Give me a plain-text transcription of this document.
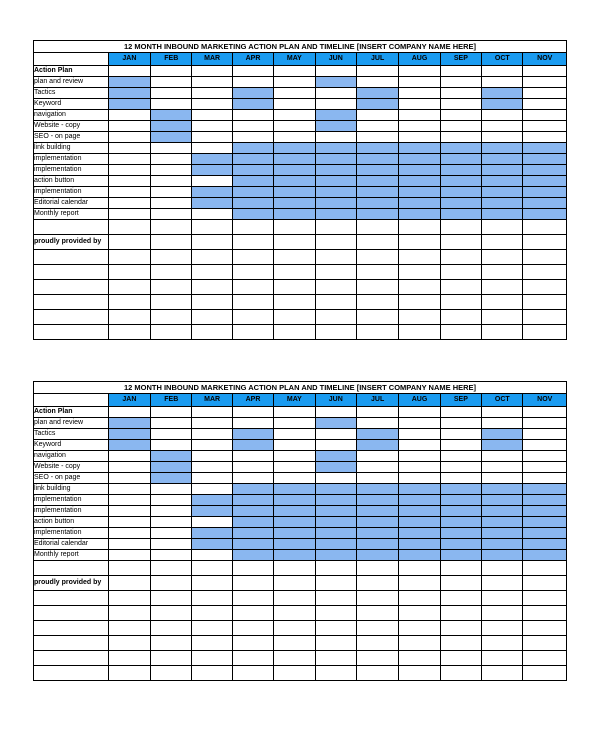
12 MONTH INBOUND MARKETING ACTION PLAN AND TIMELINE [INSERT COMPANY NAME HERE]											
	JAN	FEB	MAR	APR	MAY	JUN	JUL	AUG	SEP	OCT	NOV
Action Plan											
plan and review											
Tactics											
Keyword											
navigation											
Website - copy											
SEO - on page											
link building											
implementation											
implementation											
action button											
implementation											
Editorial calendar											
Monthly report											

proudly provided by											

12 MONTH INBOUND MARKETING ACTION PLAN AND TIMELINE [INSERT COMPANY NAME HERE]											
	JAN	FEB	MAR	APR	MAY	JUN	JUL	AUG	SEP	OCT	NOV
Action Plan											
plan and review											
Tactics											
Keyword											
navigation											
Website - copy											
SEO - on page											
link building											
implementation											
implementation											
action button											
implementation											
Editorial calendar											
Monthly report											

proudly provided by											
